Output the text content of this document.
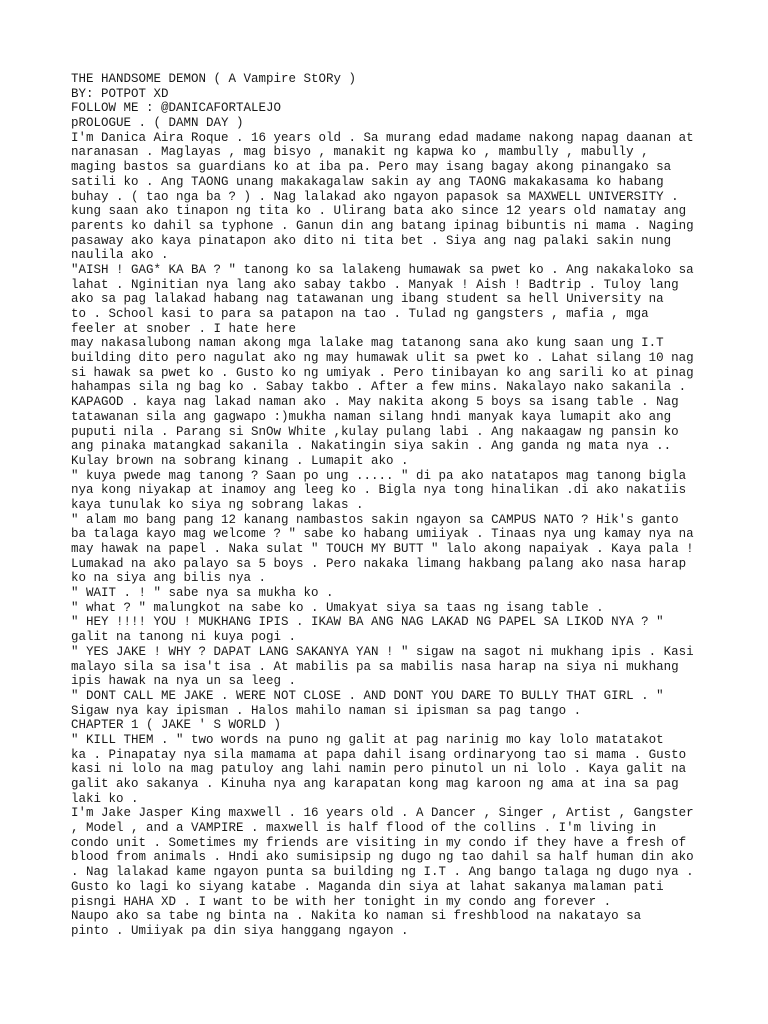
THE HANDSOME DEMON ( A Vampire StORy )
BY: POTPOT XD
FOLLOW ME : @DANICAFORTALEJO
pROLOGUE . ( DAMN DAY )
I'm Danica Aira Roque . 16 years old . Sa murang edad madame nakong napag daanan at
naranasan . Maglayas , mag bisyo , manakit ng kapwa ko , mambully , mabully ,
maging bastos sa guardians ko at iba pa. Pero may isang bagay akong pinangako sa
satili ko . Ang TAONG unang makakagalaw sakin ay ang TAONG makakasama ko habang
buhay . ( tao nga ba ? ) . Nag lalakad ako ngayon papasok sa MAXWELL UNIVERSITY .
kung saan ako tinapon ng tita ko . Ulirang bata ako since 12 years old namatay ang
parents ko dahil sa typhone . Ganun din ang batang ipinag bibuntis ni mama . Naging
pasaway ako kaya pinatapon ako dito ni tita bet . Siya ang nag palaki sakin nung
naulila ako .
"AISH ! GAG* KA BA ? " tanong ko sa lalakeng humawak sa pwet ko . Ang nakakaloko sa
lahat . Nginitian nya lang ako sabay takbo . Manyak ! Aish ! Badtrip . Tuloy lang
ako sa pag lalakad habang nag tatawanan ung ibang student sa hell University na
to . School kasi to para sa patapon na tao . Tulad ng gangsters , mafia , mga
feeler at snober . I hate here
may nakasalubong naman akong mga lalake mag tatanong sana ako kung saan ung I.T
building dito pero nagulat ako ng may humawak ulit sa pwet ko . Lahat silang 10 nag
si hawak sa pwet ko . Gusto ko ng umiyak . Pero tinibayan ko ang sarili ko at pinag
hahampas sila ng bag ko . Sabay takbo . After a few mins. Nakalayo nako sakanila .
KAPAGOD . kaya nag lakad naman ako . May nakita akong 5 boys sa isang table . Nag
tatawanan sila ang gagwapo :)mukha naman silang hndi manyak kaya lumapit ako ang
puputi nila . Parang si SnOw White ,kulay pulang labi . Ang nakaagaw ng pansin ko
ang pinaka matangkad sakanila . Nakatingin siya sakin . Ang ganda ng mata nya ..
Kulay brown na sobrang kinang . Lumapit ako .
" kuya pwede mag tanong ? Saan po ung ..... " di pa ako natatapos mag tanong bigla
nya kong niyakap at inamoy ang leeg ko . Bigla nya tong hinalikan .di ako nakatiis
kaya tunulak ko siya ng sobrang lakas .
" alam mo bang pang 12 kanang nambastos sakin ngayon sa CAMPUS NATO ? Hik's ganto
ba talaga kayo mag welcome ? " sabe ko habang umiiyak . Tinaas nya ung kamay nya na
may hawak na papel . Naka sulat " TOUCH MY BUTT " lalo akong napaiyak . Kaya pala !
Lumakad na ako palayo sa 5 boys . Pero nakaka limang hakbang palang ako nasa harap
ko na siya ang bilis nya .
" WAIT . ! " sabe nya sa mukha ko .
" what ? " malungkot na sabe ko . Umakyat siya sa taas ng isang table .
" HEY !!!! YOU ! MUKHANG IPIS . IKAW BA ANG NAG LAKAD NG PAPEL SA LIKOD NYA ? "
galit na tanong ni kuya pogi .
" YES JAKE ! WHY ? DAPAT LANG SAKANYA YAN ! " sigaw na sagot ni mukhang ipis . Kasi
malayo sila sa isa't isa . At mabilis pa sa mabilis nasa harap na siya ni mukhang
ipis hawak na nya un sa leeg .
" DONT CALL ME JAKE . WERE NOT CLOSE . AND DONT YOU DARE TO BULLY THAT GIRL . "
Sigaw nya kay ipisman . Halos mahilo naman si ipisman sa pag tango .
CHAPTER 1 ( JAKE ' S WORLD )
" KILL THEM . " two words na puno ng galit at pag narinig mo kay lolo matatakot
ka . Pinapatay nya sila mamama at papa dahil isang ordinaryong tao si mama . Gusto
kasi ni lolo na mag patuloy ang lahi namin pero pinutol un ni lolo . Kaya galit na
galit ako sakanya . Kinuha nya ang karapatan kong mag karoon ng ama at ina sa pag
laki ko .
I'm Jake Jasper King maxwell . 16 years old . A Dancer , Singer , Artist , Gangster
, Model , and a VAMPIRE . maxwell is half flood of the collins . I'm living in
condo unit . Sometimes my friends are visiting in my condo if they have a fresh of
blood from animals . Hndi ako sumisipsip ng dugo ng tao dahil sa half human din ako
. Nag lalakad kame ngayon punta sa building ng I.T . Ang bango talaga ng dugo nya .
Gusto ko lagi ko siyang katabe . Maganda din siya at lahat sakanya malaman pati
pisngi HAHA XD . I want to be with her tonight in my condo ang forever .
Naupo ako sa tabe ng binta na . Nakita ko naman si freshblood na nakatayo sa
pinto . Umiiyak pa din siya hanggang ngayon .
